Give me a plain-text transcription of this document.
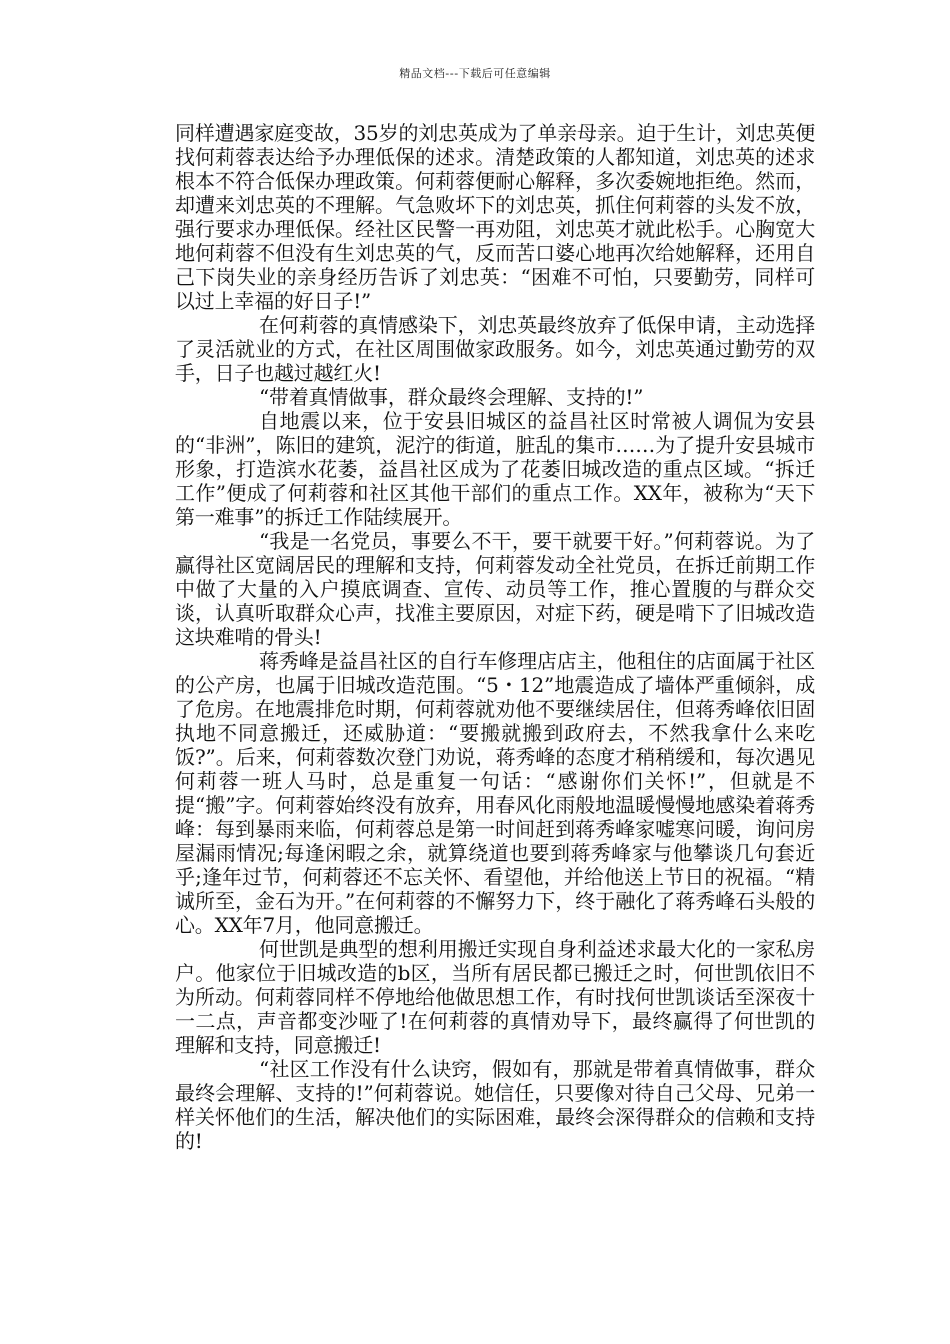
精品文档---下载后可任意编辑

同样遭遇家庭变故，35岁的刘忠英成为了单亲母亲。迫于生计，刘忠英便找何莉蓉表达给予办理低保的述求。清楚政策的人都知道，刘忠英的述求根本不符合低保办理政策。何莉蓉便耐心解释，多次委婉地拒绝。然而，却遭来刘忠英的不理解。气急败坏下的刘忠英，抓住何莉蓉的头发不放，强行要求办理低保。经社区民警一再劝阻，刘忠英才就此松手。心胸宽大地何莉蓉不但没有生刘忠英的气，反而苦口婆心地再次给她解释，还用自己下岗失业的亲身经历告诉了刘忠英：“困难不可怕，只要勤劳，同样可以过上幸福的好日子!”

在何莉蓉的真情感染下，刘忠英最终放弃了低保申请，主动选择了灵活就业的方式，在社区周围做家政服务。如今，刘忠英通过勤劳的双手，日子也越过越红火!

“带着真情做事，群众最终会理解、支持的!”

自地震以来，位于安县旧城区的益昌社区时常被人调侃为安县的“非洲”，陈旧的建筑，泥泞的街道，脏乱的集市……为了提升安县城市形象，打造滨水花萎，益昌社区成为了花萎旧城改造的重点区域。“拆迁工作”便成了何莉蓉和社区其他干部们的重点工作。XX年，被称为“天下第一难事”的拆迁工作陆续展开。

“我是一名党员，事要么不干，要干就要干好。”何莉蓉说。为了赢得社区宽阔居民的理解和支持，何莉蓉发动全社党员，在拆迁前期工作中做了大量的入户摸底调查、宣传、动员等工作，推心置腹的与群众交谈，认真听取群众心声，找准主要原因，对症下药，硬是啃下了旧城改造这块难啃的骨头!

蒋秀峰是益昌社区的自行车修理店店主，他租住的店面属于社区的公产房，也属于旧城改造范围。“5・12”地震造成了墙体严重倾斜，成了危房。在地震排危时期，何莉蓉就劝他不要继续居住，但蒋秀峰依旧固执地不同意搬迁，还威胁道：“要搬就搬到政府去，不然我拿什么来吃饭?”。后来，何莉蓉数次登门劝说，蒋秀峰的态度才稍稍缓和，每次遇见何莉蓉一班人马时，总是重复一句话：“感谢你们关怀!”，但就是不提“搬”字。何莉蓉始终没有放弃，用春风化雨般地温暖慢慢地感染着蒋秀峰：每到暴雨来临，何莉蓉总是第一时间赶到蒋秀峰家嘘寒问暖，询问房屋漏雨情况;每逢闲暇之余，就算绕道也要到蒋秀峰家与他攀谈几句套近乎;逢年过节，何莉蓉还不忘关怀、看望他，并给他送上节日的祝福。“精诚所至，金石为开。”在何莉蓉的不懈努力下，终于融化了蒋秀峰石头般的心。XX年7月，他同意搬迁。

何世凯是典型的想利用搬迁实现自身利益述求最大化的一家私房户。他家位于旧城改造的b区，当所有居民都已搬迁之时，何世凯依旧不为所动。何莉蓉同样不停地给他做思想工作，有时找何世凯谈话至深夜十一二点，声音都变沙哑了!在何莉蓉的真情劝导下，最终赢得了何世凯的理解和支持，同意搬迁!

“社区工作没有什么诀窍，假如有，那就是带着真情做事，群众最终会理解、支持的!”何莉蓉说。她信任，只要像对待自己父母、兄弟一样关怀他们的生活，解决他们的实际困难，最终会深得群众的信赖和支持的!
